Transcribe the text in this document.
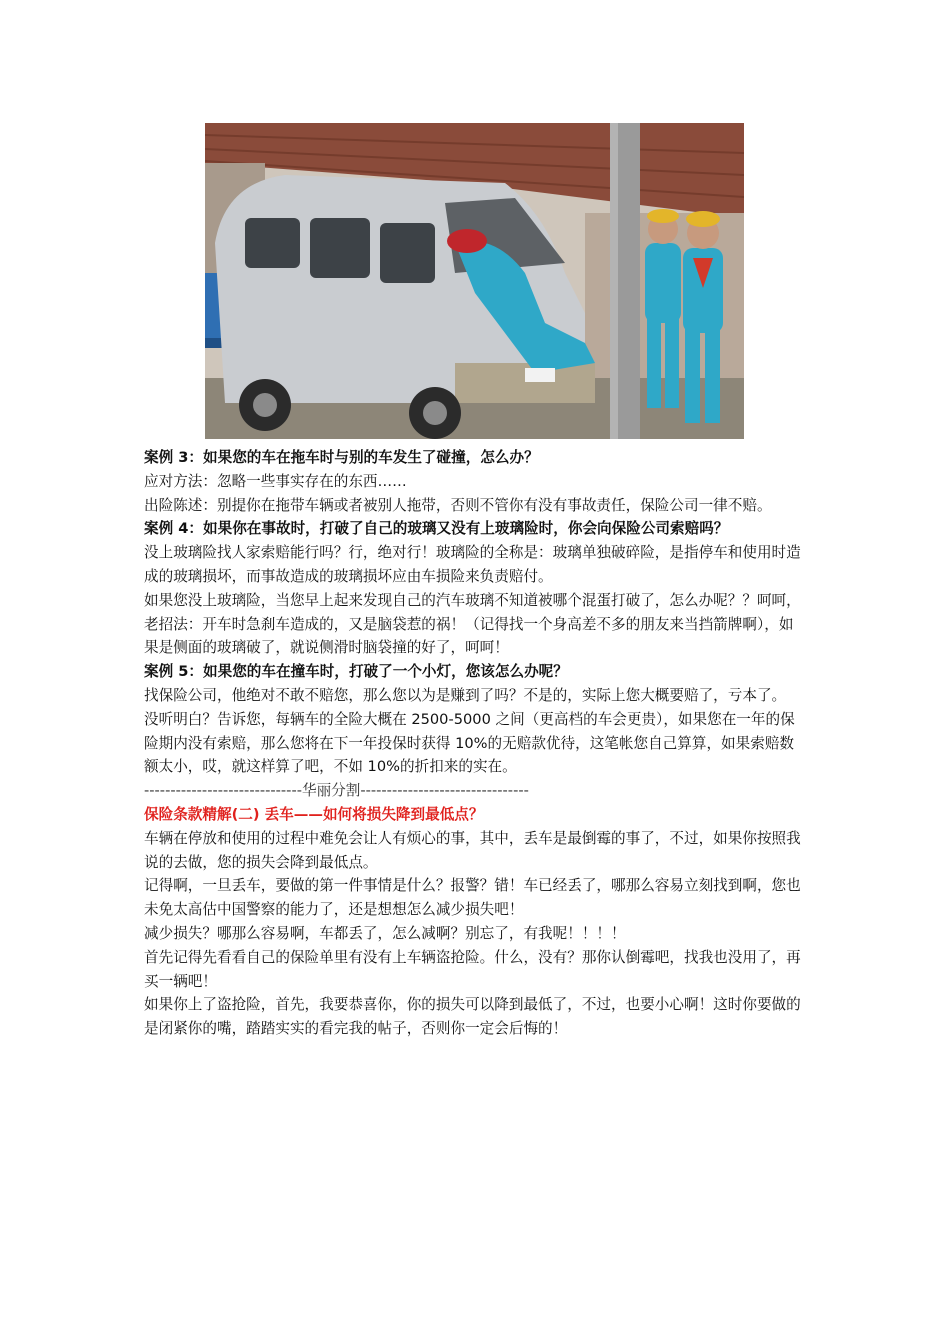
案例 3：如果您的车在拖车时与别的车发生了碰撞，怎么办？

应对方法：忽略一些事实存在的东西……

出险陈述：别提你在拖带车辆或者被别人拖带，否则不管你有没有事故责任，保险公司一律不赔。

案例 4：如果你在事故时，打破了自己的玻璃又没有上玻璃险时，你会向保险公司索赔吗？

没上玻璃险找人家索赔能行吗？行，绝对行！玻璃险的全称是：玻璃单独破碎险，是指停车和使用时造成的玻璃损坏，而事故造成的玻璃损坏应由车损险来负责赔付。

如果您没上玻璃险，当您早上起来发现自己的汽车玻璃不知道被哪个混蛋打破了，怎么办呢？？呵呵，老招法：开车时急刹车造成的，又是脑袋惹的祸！（记得找一个身高差不多的朋友来当挡箭牌啊），如果是侧面的玻璃破了，就说侧滑时脑袋撞的好了，呵呵！

案例 5：如果您的车在撞车时，打破了一个小灯，您该怎么办呢？

找保险公司，他绝对不敢不赔您，那么您以为是赚到了吗？不是的，实际上您大概要赔了，亏本了。

没听明白？告诉您，每辆车的全险大概在 2500-5000 之间（更高档的车会更贵），如果您在一年的保险期内没有索赔，那么您将在下一年投保时获得 10%的无赔款优待，这笔帐您自己算算，如果索赔数额太小，哎，就这样算了吧，不如 10%的折扣来的实在。

------------------------------华丽分割--------------------------------

保险条款精解(二) 丢车——如何将损失降到最低点？

车辆在停放和使用的过程中难免会让人有烦心的事，其中，丢车是最倒霉的事了，不过，如果你按照我说的去做，您的损失会降到最低点。

记得啊，一旦丢车，要做的第一件事情是什么？报警？错！车已经丢了，哪那么容易立刻找到啊，您也未免太高估中国警察的能力了，还是想想怎么减少损失吧！

减少损失？哪那么容易啊，车都丢了，怎么减啊？别忘了，有我呢！！！！

首先记得先看看自己的保险单里有没有上车辆盗抢险。什么，没有？那你认倒霉吧，找我也没用了，再买一辆吧！

如果你上了盗抢险，首先，我要恭喜你，你的损失可以降到最低了，不过，也要小心啊！这时你要做的是闭紧你的嘴，踏踏实实的看完我的帖子，否则你一定会后悔的！
